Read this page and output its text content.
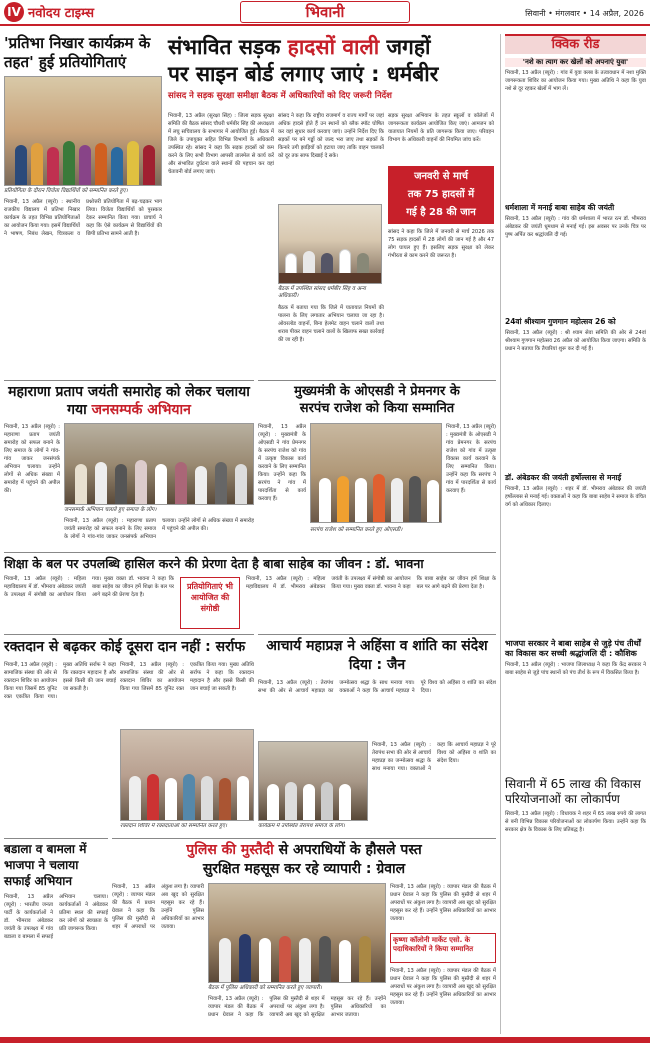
IV नवोदय टाइम्स	भिवानी	सिवानी • मंगलवार • 14 अप्रैल, 2026
'प्रतिभा निखार कार्यक्रम के तहत' हुई प्रतियोगिताएं
प्रतियोगिता के दौरान विजेता विद्यार्थियों को सम्मानित करते हुए।
भिवानी, 13 अप्रैल (ब्यूरो) : स्थानीय राजकीय विद्यालय में प्रतिभा निखार कार्यक्रम के तहत विभिन्न प्रतियोगिताओं का आयोजन किया गया। इसमें विद्यार्थियों ने भाषण, निबंध लेखन, चित्रकला व प्रश्नोत्तरी प्रतियोगिता में बढ़-चढ़कर भाग लिया। विजेता विद्यार्थियों को पुरस्कार देकर सम्मानित किया गया। प्राचार्य ने कहा कि ऐसे कार्यक्रम से विद्यार्थियों की छिपी प्रतिभा सामने आती है।
संभावित सड़क हादसों वाली जगहों
पर साइन बोर्ड लगाए जाएं : धर्मबीर
सांसद ने सड़क सुरक्षा समीक्षा बैठक में अधिकारियों को दिए जरूरी निर्देश
भिवानी, 13 अप्रैल (सुरक्षा सिंह) : जिला सड़क सुरक्षा समिति की बैठक सांसद चौधरी धर्मबीर सिंह की अध्यक्षता में लघु सचिवालय के सभागार में आयोजित हुई। बैठक में जिले के उपायुक्त सहित विभिन्न विभागों के अधिकारी उपस्थित रहे। सांसद ने कहा कि सड़क हादसों को कम करने के लिए सभी विभाग आपसी तालमेल से कार्य करें और संभावित दुर्घटना वाले स्थानों की पहचान कर वहां चेतावनी बोर्ड लगाए जाएं।
सांसद ने कहा कि राष्ट्रीय राजमार्ग व राज्य मार्गों पर जहां अधिक हादसे होते हैं उन स्थानों को ब्लैक स्पॉट घोषित कर वहां सुधार कार्य करवाए जाएं। उन्होंने निर्देश दिए कि सड़कों पर बने गड्ढों को जल्द भरा जाए तथा सड़कों के किनारे उगी झाड़ियों को हटाया जाए ताकि वाहन चालकों को दूर तक साफ दिखाई दे सके।
बैठक में उपस्थित सांसद धर्मबीर सिंह व अन्य अधिकारी।
बैठक में बताया गया कि जिले में यातायात नियमों की पालना के लिए लगातार अभियान चलाया जा रहा है। ओवरलोड वाहनों, बिना हेलमेट वाहन चलाने वालों तथा शराब पीकर वाहन चलाने वालों के खिलाफ सख्त कार्रवाई की जा रही है।
सड़क सुरक्षा अभियान के तहत स्कूलों व कॉलेजों में जागरूकता कार्यक्रम आयोजित किए जाएं। आमजन को यातायात नियमों के प्रति जागरूक किया जाए। परिवहन विभाग के अधिकारी वाहनों की नियमित जांच करें।
जनवरी से मार्च
तक 75 हादसों में
गई है 28 की जान
सांसद ने कहा कि जिले में जनवरी से मार्च 2026 तक 75 सड़क हादसों में 28 लोगों की जान गई है और 47 लोग घायल हुए हैं। इसलिए सड़क सुरक्षा को लेकर गंभीरता से काम करने की जरूरत है।
क्विक रीड
'नशे का त्याग कर खेलों को अपनाएं युवा'
भिवानी, 13 अप्रैल (ब्यूरो) : गांव में युवा क्लब के तत्वावधान में नशा मुक्ति जागरूकता शिविर का आयोजन किया गया। मुख्य अतिथि ने कहा कि युवा नशे से दूर रहकर खेलों में भाग लें।
धर्मशाला में मनाई बाबा साहेब की जयंती
सिवानी, 13 अप्रैल (ब्यूरो) : गांव की धर्मशाला में भारत रत्न डॉ. भीमराव अंबेडकर की जयंती धूमधाम से मनाई गई। इस अवसर पर उनके चित्र पर पुष्प अर्पित कर श्रद्धांजलि दी गई।
24वां श्रीश्याम गुणगान महोत्सव 26 को
सिवानी, 13 अप्रैल (ब्यूरो) : श्री श्याम सेवा समिति की ओर से 24वां श्रीश्याम गुणगान महोत्सव 26 अप्रैल को आयोजित किया जाएगा। समिति के प्रधान ने बताया कि तैयारियां शुरू कर दी गई हैं।
डॉ. अंबेडकर की जयंती हर्षोल्लास से मनाई
भिवानी, 13 अप्रैल (ब्यूरो) : शहर में डॉ. भीमराव अंबेडकर की जयंती हर्षोल्लास से मनाई गई। वक्ताओं ने कहा कि बाबा साहेब ने समाज के वंचित वर्ग को अधिकार दिलाए।
भाजपा सरकार ने बाबा साहेब से जुड़े पंच तीर्थों का विकास कर सच्ची श्रद्धांजलि दी : कौशिक
भिवानी, 13 अप्रैल (ब्यूरो) : भाजपा जिलाध्यक्ष ने कहा कि केंद्र सरकार ने बाबा साहेब से जुड़े पांच स्थानों को पंच तीर्थ के रूप में विकसित किया है।
सिवानी में 65 लाख की विकास परियोजनाओं का लोकार्पण
सिवानी, 13 अप्रैल (ब्यूरो) : विधायक ने शहर में 65 लाख रुपये की लागत से बनी विभिन्न विकास परियोजनाओं का लोकार्पण किया। उन्होंने कहा कि सरकार क्षेत्र के विकास के लिए प्रतिबद्ध है।
महाराणा प्रताप जयंती समारोह को लेकर चलाया गया जनसम्पर्क अभियान
भिवानी, 13 अप्रैल (ब्यूरो) : महाराणा प्रताप जयंती समारोह को सफल बनाने के लिए समाज के लोगों ने गांव-गांव जाकर जनसंपर्क अभियान चलाया। उन्होंने लोगों से अधिक संख्या में समारोह में पहुंचने की अपील की।
जनसम्पर्क अभियान चलाते हुए समाज के लोग।
भिवानी, 13 अप्रैल (ब्यूरो) : महाराणा प्रताप जयंती समारोह को सफल बनाने के लिए समाज के लोगों ने गांव-गांव जाकर जनसंपर्क अभियान चलाया। उन्होंने लोगों से अधिक संख्या में समारोह में पहुंचने की अपील की।
मुख्यमंत्री के ओएसडी ने प्रेमनगर के
सरपंच राजेश को किया सम्मानित
भिवानी, 13 अप्रैल (ब्यूरो) : मुख्यमंत्री के ओएसडी ने गांव प्रेमनगर के सरपंच राजेश को गांव में उत्कृष्ट विकास कार्य करवाने के लिए सम्मानित किया। उन्होंने कहा कि सरपंच ने गांव में पारदर्शिता से कार्य करवाए हैं।
सरपंच राजेश को सम्मानित करते हुए ओएसडी।
भिवानी, 13 अप्रैल (ब्यूरो) : मुख्यमंत्री के ओएसडी ने गांव प्रेमनगर के सरपंच राजेश को गांव में उत्कृष्ट विकास कार्य करवाने के लिए सम्मानित किया। उन्होंने कहा कि सरपंच ने गांव में पारदर्शिता से कार्य करवाए हैं।
शिक्षा के बल पर उपलब्धि हासिल करने की प्रेरणा देता है बाबा साहेब का जीवन : डॉ. भावना
भिवानी, 13 अप्रैल (ब्यूरो) : महिला महाविद्यालय में डॉ. भीमराव अंबेडकर जयंती के उपलक्ष्य में संगोष्ठी का आयोजन किया गया। मुख्य वक्ता डॉ. भावना ने कहा कि बाबा साहेब का जीवन हमें शिक्षा के बल पर आगे बढ़ने की प्रेरणा देता है।
प्रतियोगिताएं भी आयोजित की संगोष्ठी
भिवानी, 13 अप्रैल (ब्यूरो) : महिला महाविद्यालय में डॉ. भीमराव अंबेडकर जयंती के उपलक्ष्य में संगोष्ठी का आयोजन किया गया। मुख्य वक्ता डॉ. भावना ने कहा कि बाबा साहेब का जीवन हमें शिक्षा के बल पर आगे बढ़ने की प्रेरणा देता है।
रक्तदान से बढ़कर कोई दूसरा दान नहीं : सर्राफ
भिवानी, 13 अप्रैल (ब्यूरो) : सामाजिक संस्था की ओर से रक्तदान शिविर का आयोजन किया गया जिसमें 85 यूनिट रक्त एकत्रित किया गया। मुख्य अतिथि सर्राफ ने कहा कि रक्तदान महादान है और इससे किसी की जान बचाई जा सकती है।
भिवानी, 13 अप्रैल (ब्यूरो) : सामाजिक संस्था की ओर से रक्तदान शिविर का आयोजन किया गया जिसमें 85 यूनिट रक्त एकत्रित किया गया। मुख्य अतिथि सर्राफ ने कहा कि रक्तदान महादान है और इससे किसी की जान बचाई जा सकती है।
रक्तदान शिविर में रक्तदाताओं को सम्मानित करते हुए।
आचार्य महाप्रज्ञ ने अहिंसा व शांति का संदेश दिया : जैन
भिवानी, 13 अप्रैल (ब्यूरो) : तेरापंथ सभा की ओर से आचार्य महाप्रज्ञ का जन्मोत्सव श्रद्धा के साथ मनाया गया। वक्ताओं ने कहा कि आचार्य महाप्रज्ञ ने पूरे विश्व को अहिंसा व शांति का संदेश दिया।
कार्यक्रम में उपस्थित तेरापंथ समाज के लोग।
भिवानी, 13 अप्रैल (ब्यूरो) : तेरापंथ सभा की ओर से आचार्य महाप्रज्ञ का जन्मोत्सव श्रद्धा के साथ मनाया गया। वक्ताओं ने कहा कि आचार्य महाप्रज्ञ ने पूरे विश्व को अहिंसा व शांति का संदेश दिया।
बडाला व बामला में भाजपा ने चलाया सफाई अभियान
भिवानी, 13 अप्रैल (ब्यूरो) : भारतीय जनता पार्टी के कार्यकर्ताओं ने डॉ. भीमराव अंबेडकर जयंती के उपलक्ष्य में गांव बडाला व बामला में सफाई अभियान चलाया। कार्यकर्ताओं ने अंबेडकर प्रतिमा स्थल की सफाई कर लोगों को स्वच्छता के प्रति जागरूक किया।
पुलिस की मुस्तैदी से अपराधियों के हौसले पस्त
सुरक्षित महसूस कर रहे व्यापारी : ग्रेवाल
भिवानी, 13 अप्रैल (ब्यूरो) : व्यापार मंडल की बैठक में प्रधान ग्रेवाल ने कहा कि पुलिस की मुस्तैदी से शहर में अपराधों पर अंकुश लगा है। व्यापारी अब खुद को सुरक्षित महसूस कर रहे हैं। उन्होंने पुलिस अधिकारियों का आभार जताया।
बैठक में पुलिस अधिकारी को सम्मानित करते हुए व्यापारी।
भिवानी, 13 अप्रैल (ब्यूरो) : व्यापार मंडल की बैठक में प्रधान ग्रेवाल ने कहा कि पुलिस की मुस्तैदी से शहर में अपराधों पर अंकुश लगा है। व्यापारी अब खुद को सुरक्षित महसूस कर रहे हैं। उन्होंने पुलिस अधिकारियों का आभार जताया।
भिवानी, 13 अप्रैल (ब्यूरो) : व्यापार मंडल की बैठक में प्रधान ग्रेवाल ने कहा कि पुलिस की मुस्तैदी से शहर में अपराधों पर अंकुश लगा है। व्यापारी अब खुद को सुरक्षित महसूस कर रहे हैं। उन्होंने पुलिस अधिकारियों का आभार जताया।
कृष्णा कॉलोनी मार्केट एसो. के पदाधिकारियों ने किया सम्मानित
भिवानी, 13 अप्रैल (ब्यूरो) : व्यापार मंडल की बैठक में प्रधान ग्रेवाल ने कहा कि पुलिस की मुस्तैदी से शहर में अपराधों पर अंकुश लगा है। व्यापारी अब खुद को सुरक्षित महसूस कर रहे हैं। उन्होंने पुलिस अधिकारियों का आभार जताया।
